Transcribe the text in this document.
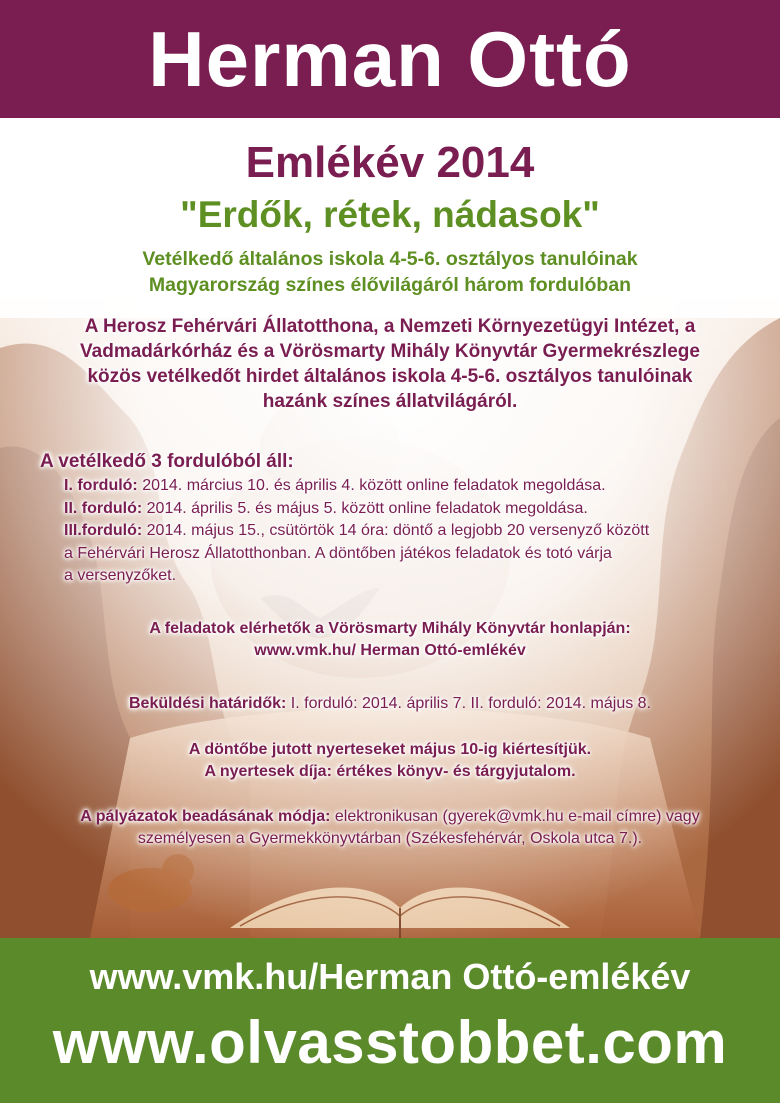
Herman Ottó
Emlékév 2014
"Erdők, rétek, nádasok"
Vetélkedő általános iskola 4-5-6. osztályos tanulóinak
Magyarország színes élővilágáról három fordulóban
A Herosz Fehérvári Állatotthona, a Nemzeti Környezetügyi Intézet, a
Vadmadárkórház és a Vörösmarty Mihály Könyvtár Gyermekrészlege
közös vetélkedőt hirdet általános iskola 4-5-6. osztályos tanulóinak
hazánk színes állatvilágáról.
A vetélkedő 3 fordulóból áll:
I. forduló: 2014. március 10. és április 4. között online feladatok megoldása.
II. forduló: 2014. április 5. és május 5. között online feladatok megoldása.
III.forduló: 2014. május 15., csütörtök 14 óra: döntő a legjobb 20 versenyző között
a Fehérvári Herosz Állatotthonban. A döntőben játékos feladatok és totó várja
a versenyzőket.
A feladatok elérhetők a Vörösmarty Mihály Könyvtár honlapján:
www.vmk.hu/ Herman Ottó-emlékév
Beküldési határidők: I. forduló: 2014. április 7. II. forduló: 2014. május 8.
A döntőbe jutott nyerteseket május 10-ig kiértesítjük.
A nyertesek díja: értékes könyv- és tárgyjutalom.
A pályázatok beadásának módja: elektronikusan (gyerek@vmk.hu e-mail címre) vagy
személyesen a Gyermekkönyvtárban (Székesfehérvár, Oskola utca 7.).
www.vmk.hu/Herman Ottó-emlékév
www.olvasstobbet.com
